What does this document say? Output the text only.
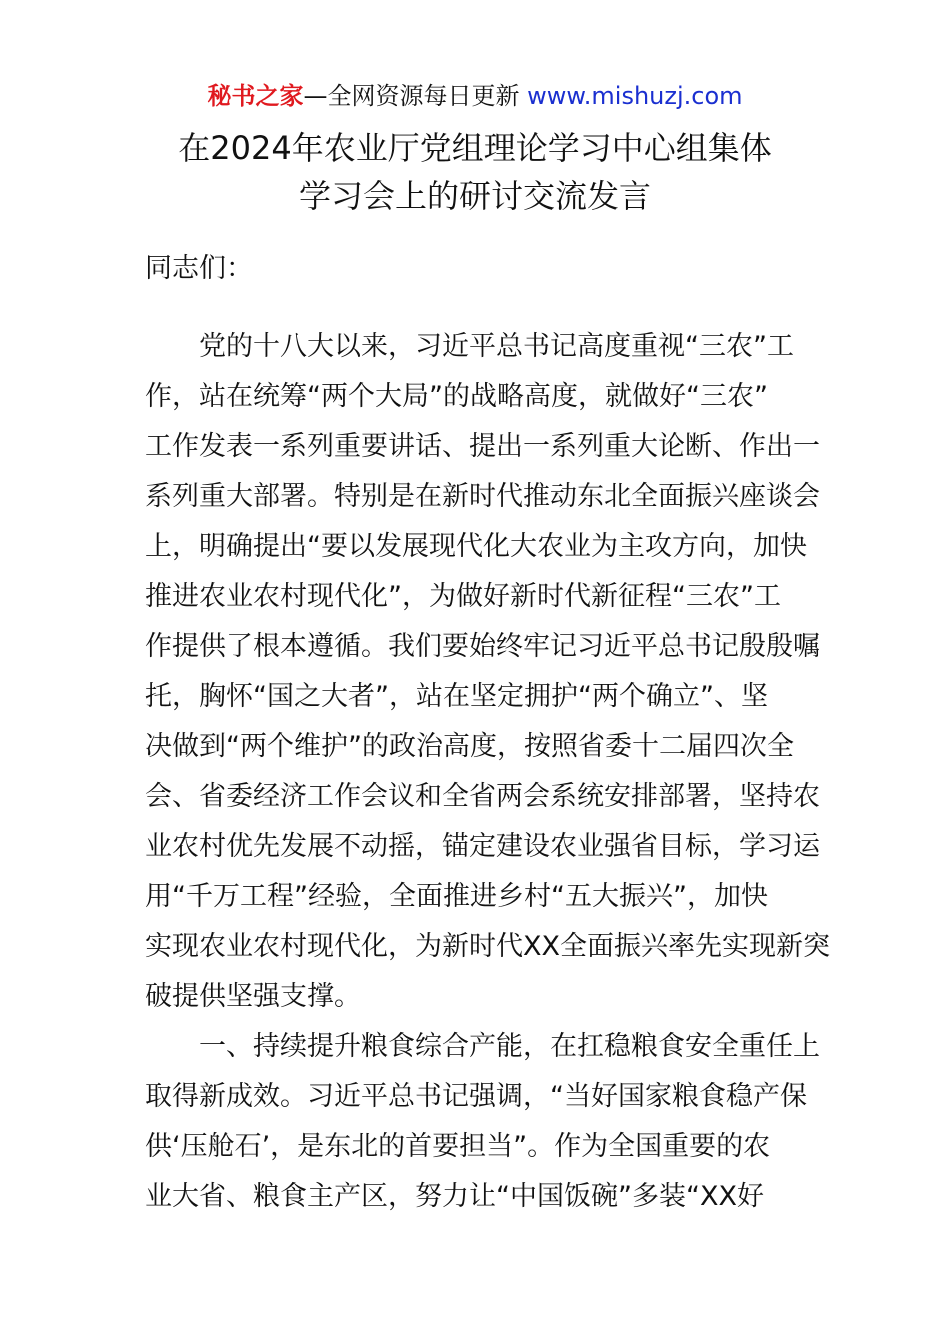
秘书之家—全网资源每日更新 www.mishuzj.com
在2024年农业厅党组理论学习中心组集体
学习会上的研讨交流发言
同志们：
　　党的十八大以来，习近平总书记高度重视“三农”工
作，站在统筹“两个大局”的战略高度，就做好“三农”
工作发表一系列重要讲话、提出一系列重大论断、作出一
系列重大部署。特别是在新时代推动东北全面振兴座谈会
上，明确提出“要以发展现代化大农业为主攻方向，加快
推进农业农村现代化”，为做好新时代新征程“三农”工
作提供了根本遵循。我们要始终牢记习近平总书记殷殷嘱
托，胸怀“国之大者”，站在坚定拥护“两个确立”、坚
决做到“两个维护”的政治高度，按照省委十二届四次全
会、省委经济工作会议和全省两会系统安排部署，坚持农
业农村优先发展不动摇，锚定建设农业强省目标，学习运
用“千万工程”经验，全面推进乡村“五大振兴”，加快
实现农业农村现代化，为新时代XX全面振兴率先实现新突
破提供坚强支撑。
　　一、持续提升粮食综合产能，在扛稳粮食安全重任上
取得新成效。习近平总书记强调，“当好国家粮食稳产保
供‘压舱石’，是东北的首要担当”。作为全国重要的农
业大省、粮食主产区，努力让“中国饭碗”多装“XX好
